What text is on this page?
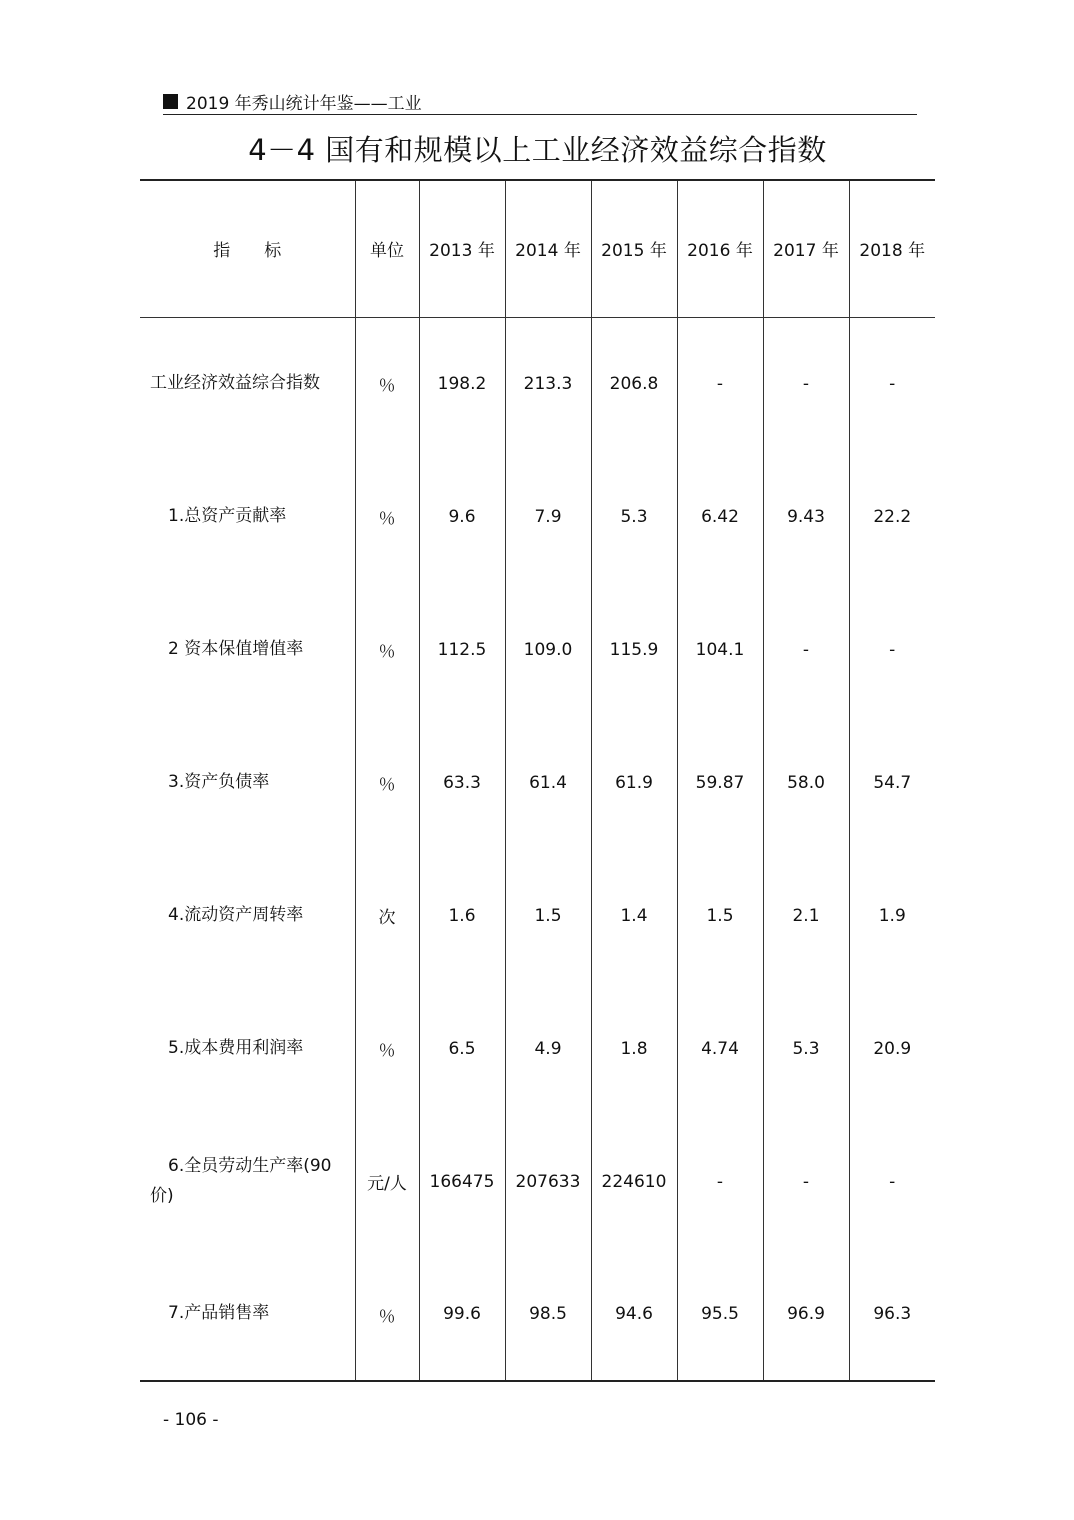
2019 年秀山统计年鉴——工业
4－4 国有和规模以上工业经济效益综合指数
指　　标	单位	2013 年	2014 年	2015 年	2016 年	2017 年	2018 年
工业经济效益综合指数	％	198.2	213.3	206.8	-	-	-
1.总资产贡献率	％	9.6	7.9	5.3	6.42	9.43	22.2
2 资本保值增值率	％	112.5	109.0	115.9	104.1	-	-
3.资产负债率	％	63.3	61.4	61.9	59.87	58.0	54.7
4.流动资产周转率	次	1.6	1.5	1.4	1.5	2.1	1.9
5.成本费用利润率	％	6.5	4.9	1.8	4.74	5.3	20.9

6.全员劳动生产率(90价)	元/人	166475	207633	224610	-	-	-
7.产品销售率	％	99.6	98.5	94.6	95.5	96.9	96.3
- 106 -
